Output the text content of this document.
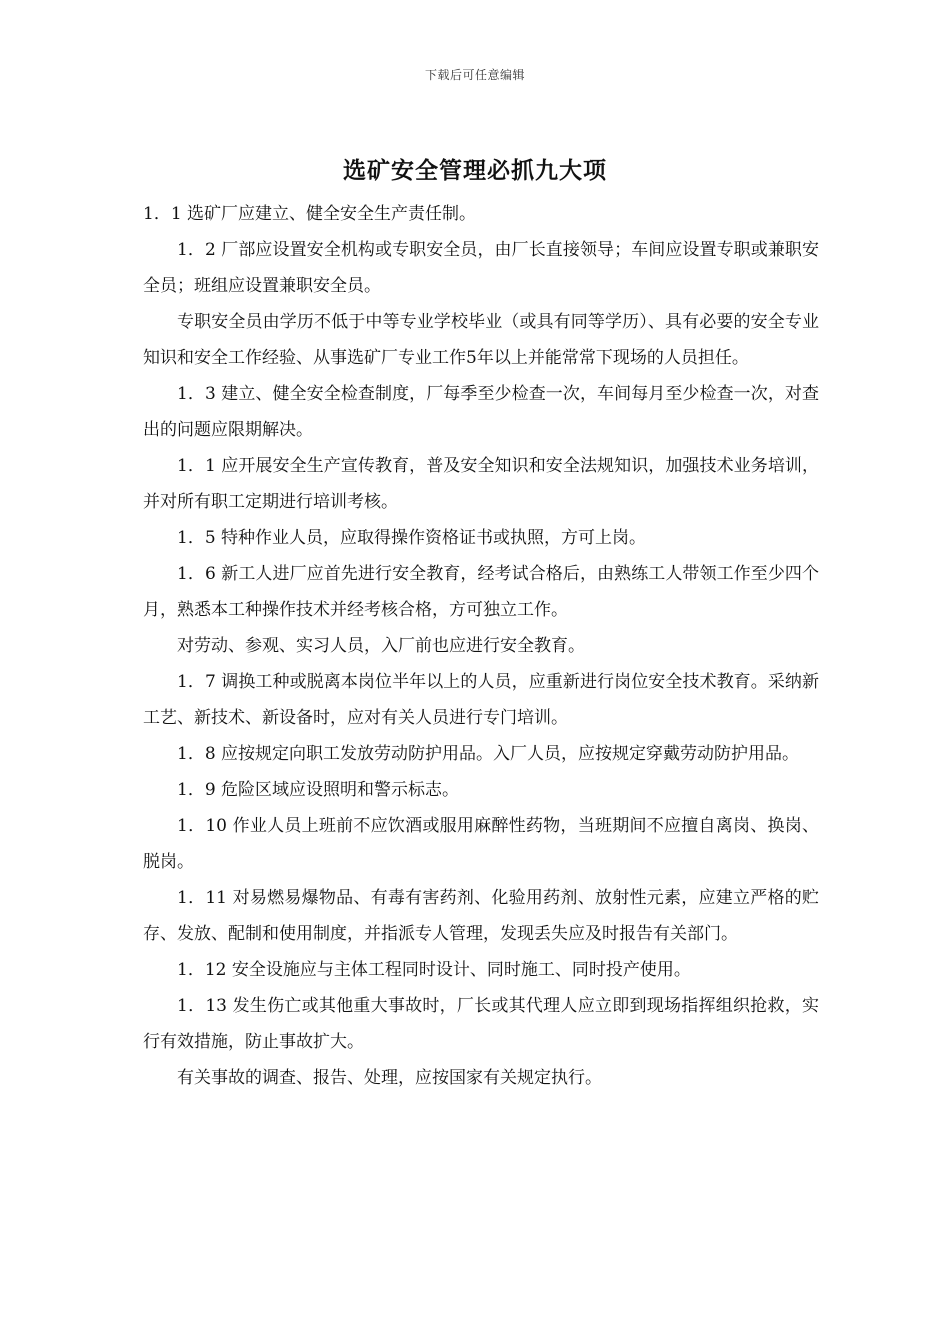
下载后可任意编辑
选矿安全管理必抓九大项

1．1 选矿厂应建立、健全安全生产责任制。

1．2 厂部应设置安全机构或专职安全员，由厂长直接领导；车间应设置专职或兼职安全员；班组应设置兼职安全员。

专职安全员由学历不低于中等专业学校毕业（或具有同等学历）、具有必要的安全专业知识和安全工作经验、从事选矿厂专业工作5年以上并能常常下现场的人员担任。

1．3 建立、健全安全检查制度，厂每季至少检查一次，车间每月至少检查一次，对查出的问题应限期解决。

1．1 应开展安全生产宣传教育，普及安全知识和安全法规知识，加强技术业务培训，并对所有职工定期进行培训考核。

1．5 特种作业人员，应取得操作资格证书或执照，方可上岗。

1．6 新工人进厂应首先进行安全教育，经考试合格后，由熟练工人带领工作至少四个月，熟悉本工种操作技术并经考核合格，方可独立工作。

对劳动、参观、实习人员，入厂前也应进行安全教育。

1．7 调换工种或脱离本岗位半年以上的人员，应重新进行岗位安全技术教育。采纳新工艺、新技术、新设备时，应对有关人员进行专门培训。

1．8 应按规定向职工发放劳动防护用品。入厂人员，应按规定穿戴劳动防护用品。

1．9 危险区域应设照明和警示标志。

1．10 作业人员上班前不应饮酒或服用麻醉性药物，当班期间不应擅自离岗、换岗、脱岗。

1．11 对易燃易爆物品、有毒有害药剂、化验用药剂、放射性元素，应建立严格的贮存、发放、配制和使用制度，并指派专人管理，发现丢失应及时报告有关部门。

1．12 安全设施应与主体工程同时设计、同时施工、同时投产使用。

1．13 发生伤亡或其他重大事故时，厂长或其代理人应立即到现场指挥组织抢救，实行有效措施，防止事故扩大。

有关事故的调查、报告、处理，应按国家有关规定执行。
